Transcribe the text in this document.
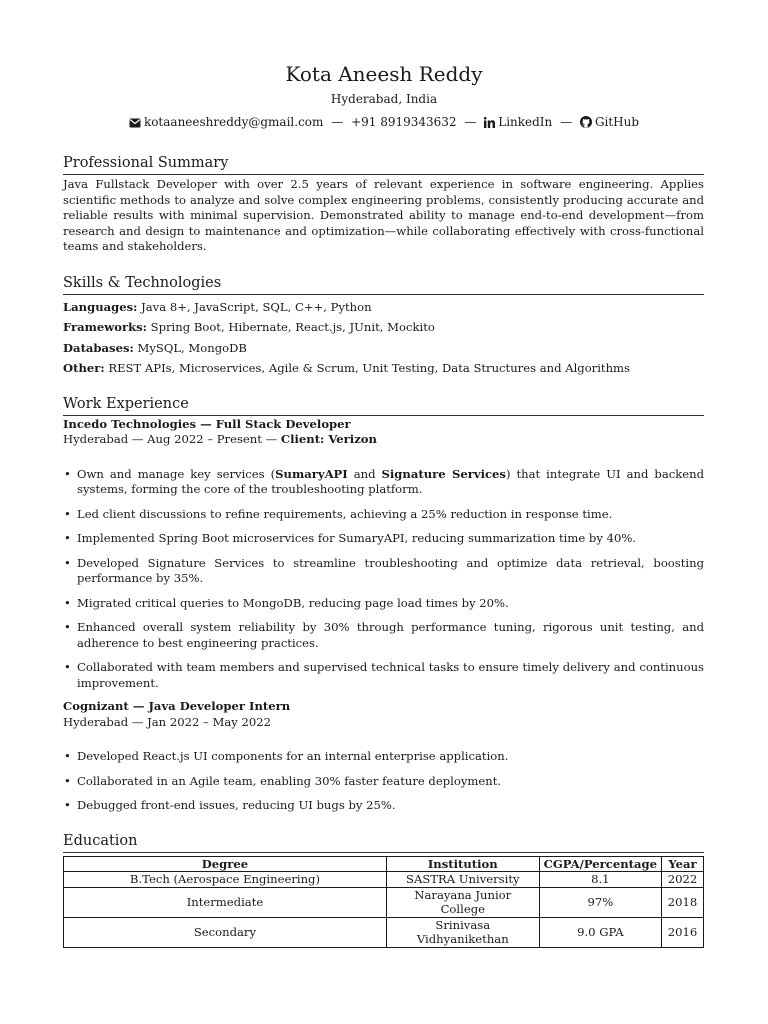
Kota Aneesh Reddy
Hyderabad, India
kotaaneeshreddy@gmail.com — +91 8919343632 — LinkedIn — GitHub
Professional Summary
Java Fullstack Developer with over 2.5 years of relevant experience in software engineering. Applies scientific methods to analyze and solve complex engineering problems, consistently producing accurate and reliable results with minimal supervision. Demonstrated ability to manage end-to-end development—from research and design to maintenance and optimization—while collaborating effectively with cross-functional teams and stakeholders.
Skills & Technologies
Languages: Java 8+, JavaScript, SQL, C++, Python
Frameworks: Spring Boot, Hibernate, React.js, JUnit, Mockito
Databases: MySQL, MongoDB
Other: REST APIs, Microservices, Agile & Scrum, Unit Testing, Data Structures and Algorithms
Work Experience
Incedo Technologies — Full Stack Developer
Hyderabad — Aug 2022 – Present — Client: Verizon
• Own and manage key services (SumaryAPI and Signature Services) that integrate UI and backend systems, forming the core of the troubleshooting platform.
• Led client discussions to refine requirements, achieving a 25% reduction in response time.
• Implemented Spring Boot microservices for SumaryAPI, reducing summarization time by 40%.
• Developed Signature Services to streamline troubleshooting and optimize data retrieval, boosting performance by 35%.
• Migrated critical queries to MongoDB, reducing page load times by 20%.
• Enhanced overall system reliability by 30% through performance tuning, rigorous unit testing, and adherence to best engineering practices.
• Collaborated with team members and supervised technical tasks to ensure timely delivery and continuous improvement.
Cognizant — Java Developer Intern
Hyderabad — Jan 2022 – May 2022
• Developed React.js UI components for an internal enterprise application.
• Collaborated in an Agile team, enabling 30% faster feature deployment.
• Debugged front-end issues, reducing UI bugs by 25%.
Education
Degree	Institution	CGPA/Percentage	Year
B.Tech (Aerospace Engineering)	SASTRA University	8.1	2022
Intermediate	Narayana Junior College	97%	2018
Secondary	Srinivasa Vidhyanikethan	9.0 GPA	2016
